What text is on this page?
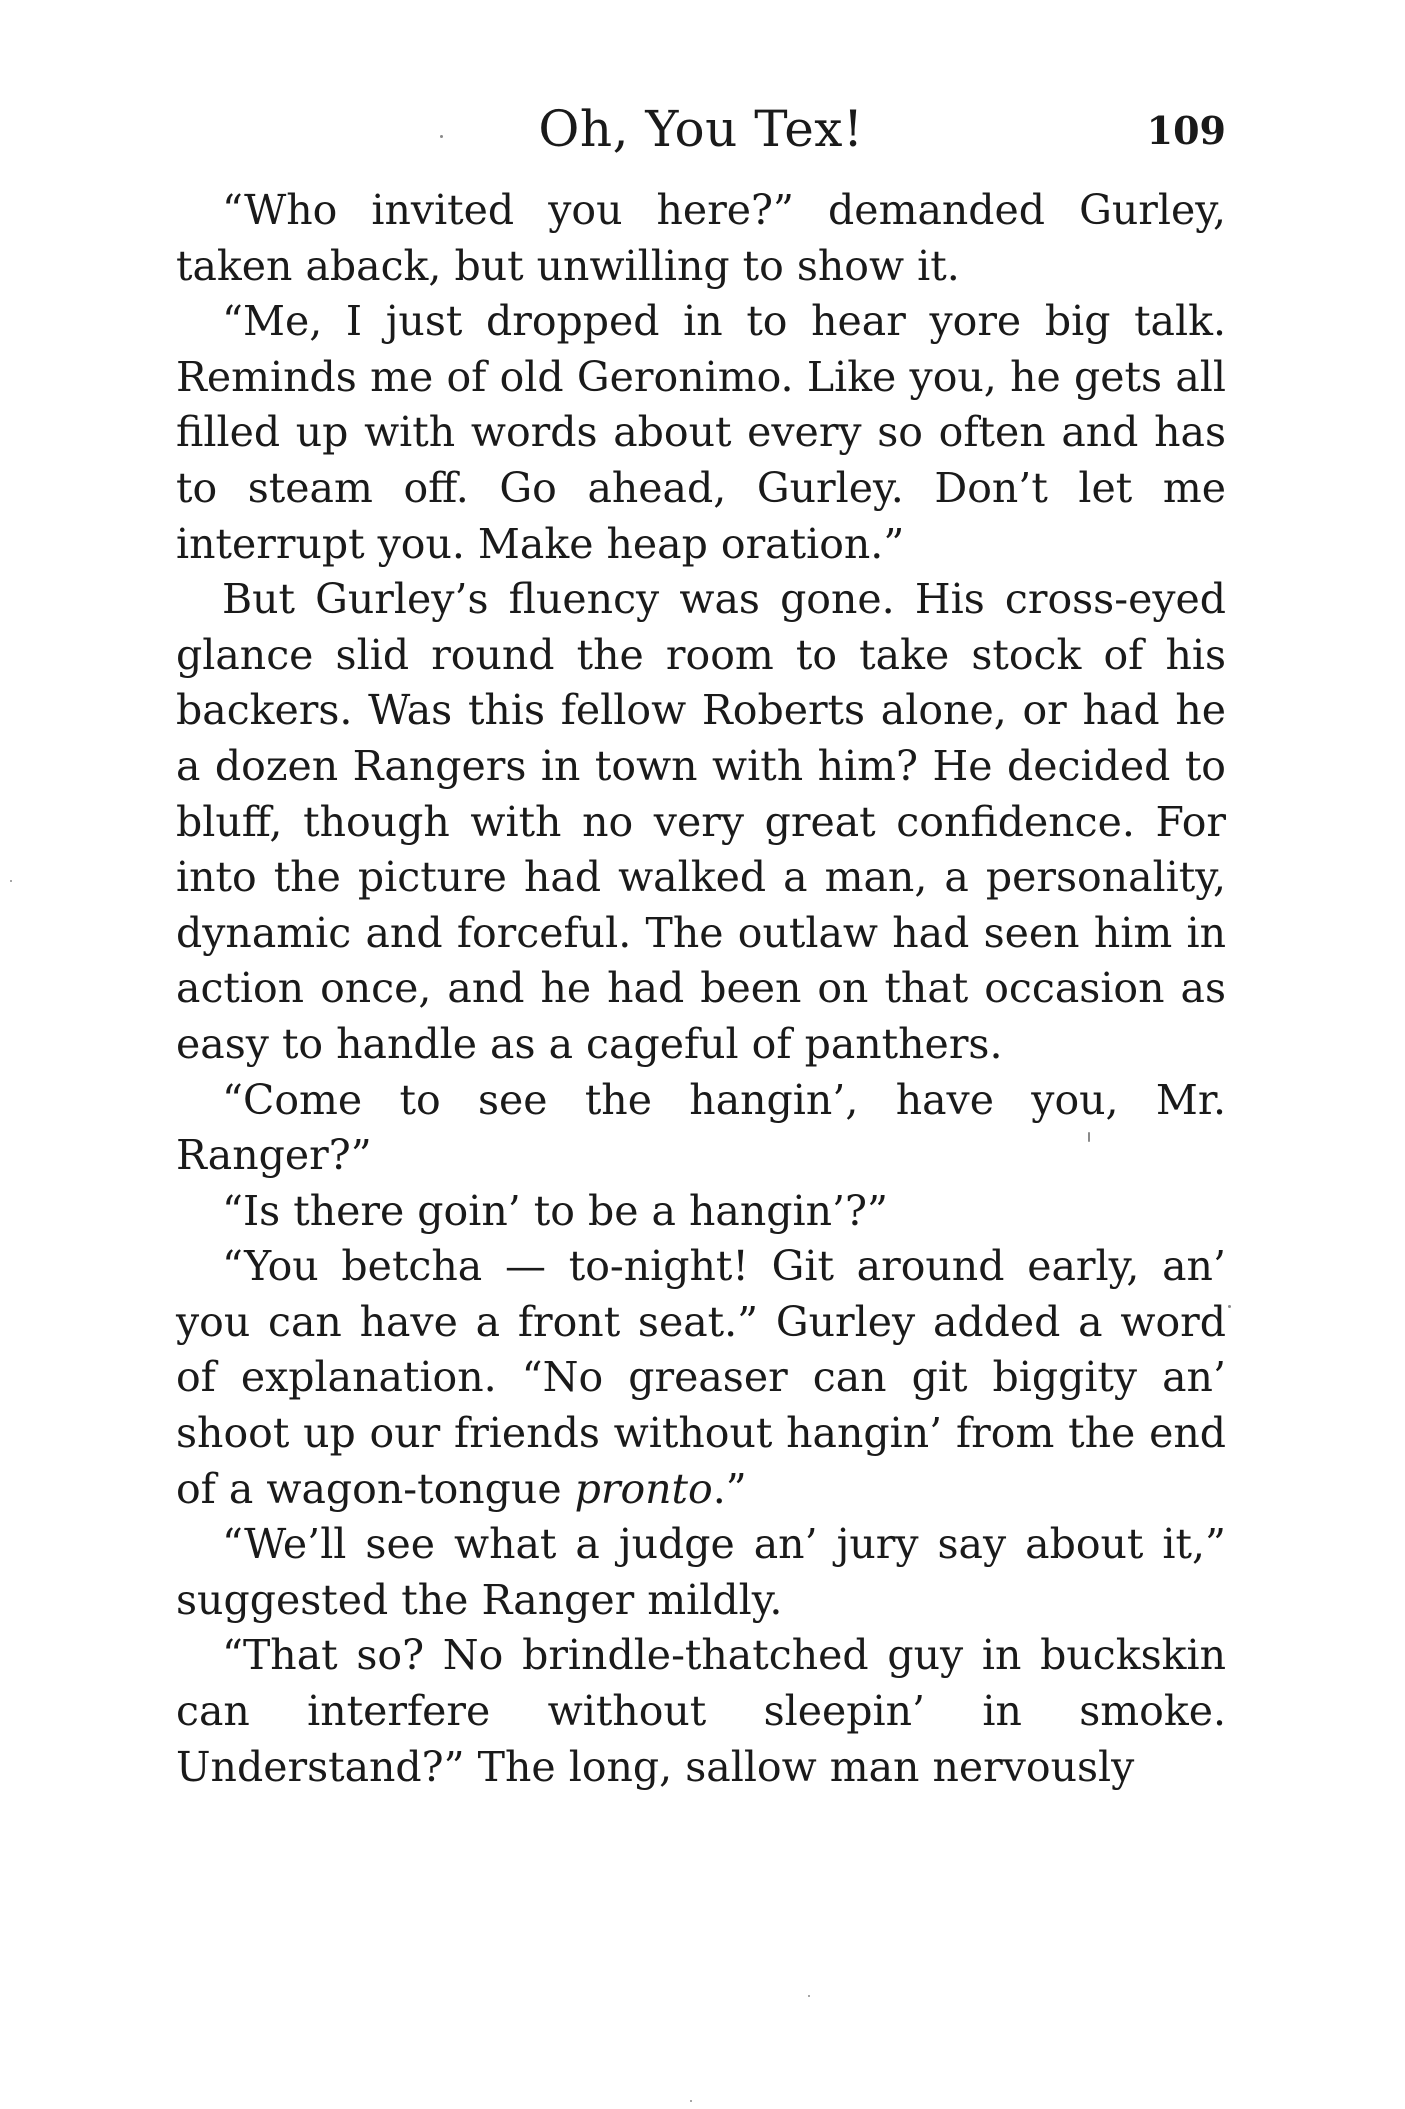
Oh, You Tex!	109

“Who invited you here?” demanded Gurley, taken aback, but unwilling to show it.

“Me, I just dropped in to hear yore big talk. Reminds me of old Geronimo. Like you, he gets all filled up with words about every so often and has to steam off. Go ahead, Gurley. Don’t let me interrupt you. Make heap oration.”

But Gurley’s fluency was gone. His cross-eyed glance slid round the room to take stock of his backers. Was this fellow Roberts alone, or had he a dozen Rangers in town with him? He decided to bluff, though with no very great confidence. For into the picture had walked a man, a personality, dynamic and forceful. The outlaw had seen him in action once, and he had been on that occasion as easy to handle as a cageful of panthers.

“Come to see the hangin’, have you, Mr. Ranger?”

“Is there goin’ to be a hangin’?”

“You betcha — to-night! Git around early, an’ you can have a front seat.” Gurley added a word of explanation. “No greaser can git biggity an’ shoot up our friends without hangin’ from the end of a wagon-tongue pronto.”

“We’ll see what a judge an’ jury say about it,” suggested the Ranger mildly.

“That so? No brindle-thatched guy in buckskin can interfere without sleepin’ in smoke. Understand?” The long, sallow man nervously
